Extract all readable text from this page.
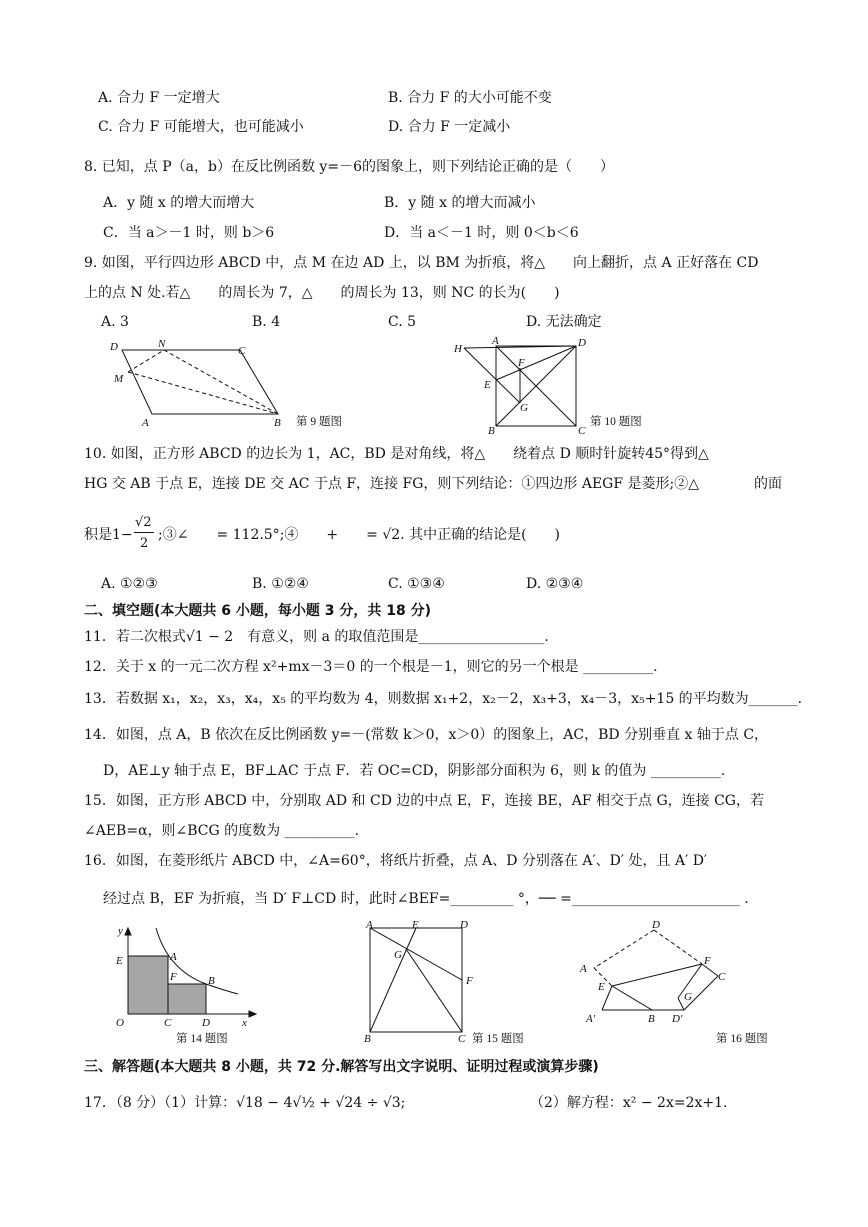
A. 合力 F 一定增大	B. 合力 F 的大小可能不变
C. 合力 F 可能增大，也可能减小	D. 合力 F 一定减小
8. 已知，点 P（a，b）在反比例函数 y=－6的图象上，则下列结论正确的是（　　）
A．y 随 x 的增大而增大	B．y 随 x 的增大而减小
C．当 a＞－1 时，则 b＞6	D．当 a＜－1 时，则 0＜b＜6
9. 如图，平行四边形 ABCD 中，点 M 在边 AD 上，以 BM 为折痕，将△　　向上翻折，点 A 正好落在 CD
上的点 N 处.若△　　的周长为 7，△　　的周长为 13，则 NC 的长为(　　)
A. 3	B. 4	C. 5	D. 无法确定
D	N
C
M
A	B 第 9 题图
H
A	D
F
E
G
B	C
第 10 题图
10. 如图，正方形 ABCD 的边长为 1，AC，BD 是对角线，将△　　绕着点 D 顺时针旋转45°得到△
HG 交 AB 于点 E，连接 DE 交 AC 于点 F，连接 FG，则下列结论：①四边形 AEGF 是菱形;②△	的面
积是1−
√2
2
;③∠　　= 112.5°;④　　+　　= √2. 其中正确的结论是(　　)
A. ①②③	B. ①②④	C. ①③④	D. ②③④
二、填空题(本大题共 6 小题，每小题 3 分，共 18 分)
11．若二次根式√1 − 2　有意义，则 a 的取值范围是__________________.
12．关于 x 的一元二次方程 x²+mx－3＝0 的一个根是－1，则它的另一个根是 __________.
13．若数据 x₁，x₂，x₃，x₄，x₅ 的平均数为 4，则数据 x₁+2，x₂－2，x₃+3，x₄－3，x₅+15 的平均数为_______.
14．如图，点 A，B 依次在反比例函数 y=－(常数 k＞0，x＞0）的图象上，AC，BD 分别垂直 x 轴于点 C，
D，AE⊥y 轴于点 E，BF⊥AC 于点 F．若 OC=CD，阴影部分面积为 6，则 k 的值为 __________.
15．如图，正方形 ABCD 中，分别取 AD 和 CD 边的中点 E，F，连接 BE，AF 相交于点 G，连接 CG，若
∠AEB=α，则∠BCG 的度数为 __________.
16．如图，在菱形纸片 ABCD 中，∠A=60°，将纸片折叠，点 A、D 分别落在 A′、D′ 处，且 A′ D′
经过点 B，EF 为折痕，当 D′ F⊥CD 时，此时∠BEF=_________ °，── =________________________ .
y
E	A
F	B
O	C	D	x
第 14 题图
A	E	D
G
F
B	C 第 15 题图
D
A
F
C
E
G
A′	B D′
第 16 题图
三、解答题(本大题共 8 小题，共 72 分.解答写出文字说明、证明过程或演算步骤)
17．（8 分）（1）计算：√18 − 4√½ + √24 ÷ √3;	（2）解方程：x² − 2x=2x+1.
